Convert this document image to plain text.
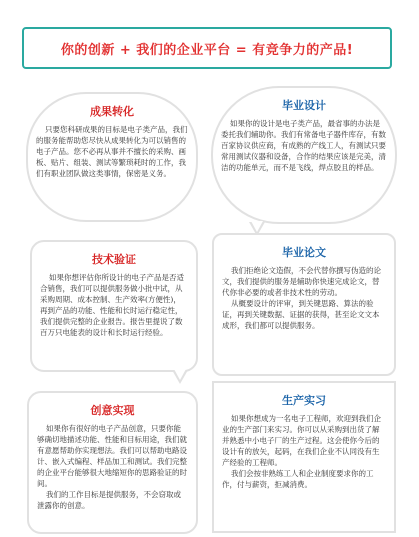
你的创新 + 我们的企业平台 = 有竞争力的产品!
成果转化

只要您科研成果的目标是电子类产品，我们的服务能帮助您尽快从成果转化为可以销售的电子产品。您不必再从事并不擅长的采购、画板、贴片、组装、测试等繁琐耗时的工作，我们有职业团队做这类事情，保密是义务。

毕业设计

如果你的设计是电子类产品，最省事的办法是委托我们辅助你。我们有常备电子器件库存，有数百家协议供应商，有成熟的产线工人，有测试只要常用测试仪器和设备，合作的结果应该是完美，清洁的功能单元，而不是飞线，焊点胶且的样品。

技术验证

如果你想评估你所设计的电子产品是否适合销售，我们可以提供服务做小批中试，从采购周期、成本控制、生产效率(方便性)，再到产品的功能、性能和长时运行稳定性，我们提供完整的企业报告。报告里提说了数百万只电能表的设计和长时运行经验。

毕业论文

我们拒绝论文造假，不会代替你撰写伪造的论文，我们提供的服务是辅助你快速完成论文，替代你非必要的或者非技术性的劳动。

从概要设计的评审，到关键思路、算法的验证，再到关键数据、证据的获得，甚至论文文本成形，我们都可以提供服务。

创意实现

如果你有很好的电子产品创意，只要你能够确切地描述功能、性能和目标用途，我们就有意愿帮助你实现想法。我们可以帮助电路设计、嵌入式编程、样品加工和测试。我们完整的企业平台能够很大地缩短你的思路验证的时间。

我们的工作目标是提供服务，不会窃取或泄露你的创意。

生产实习

如果你想成为一名电子工程师，欢迎到我们企业的生产部门来实习。你可以从采购到出货了解并熟悉中小电子厂的生产过程。这会使你今后的设计有的放矢，起码，在我们企业不认同没有生产经验的工程师。

我们会按非熟练工人和企业制度要求你的工作，付与薪资，拒减消费。
